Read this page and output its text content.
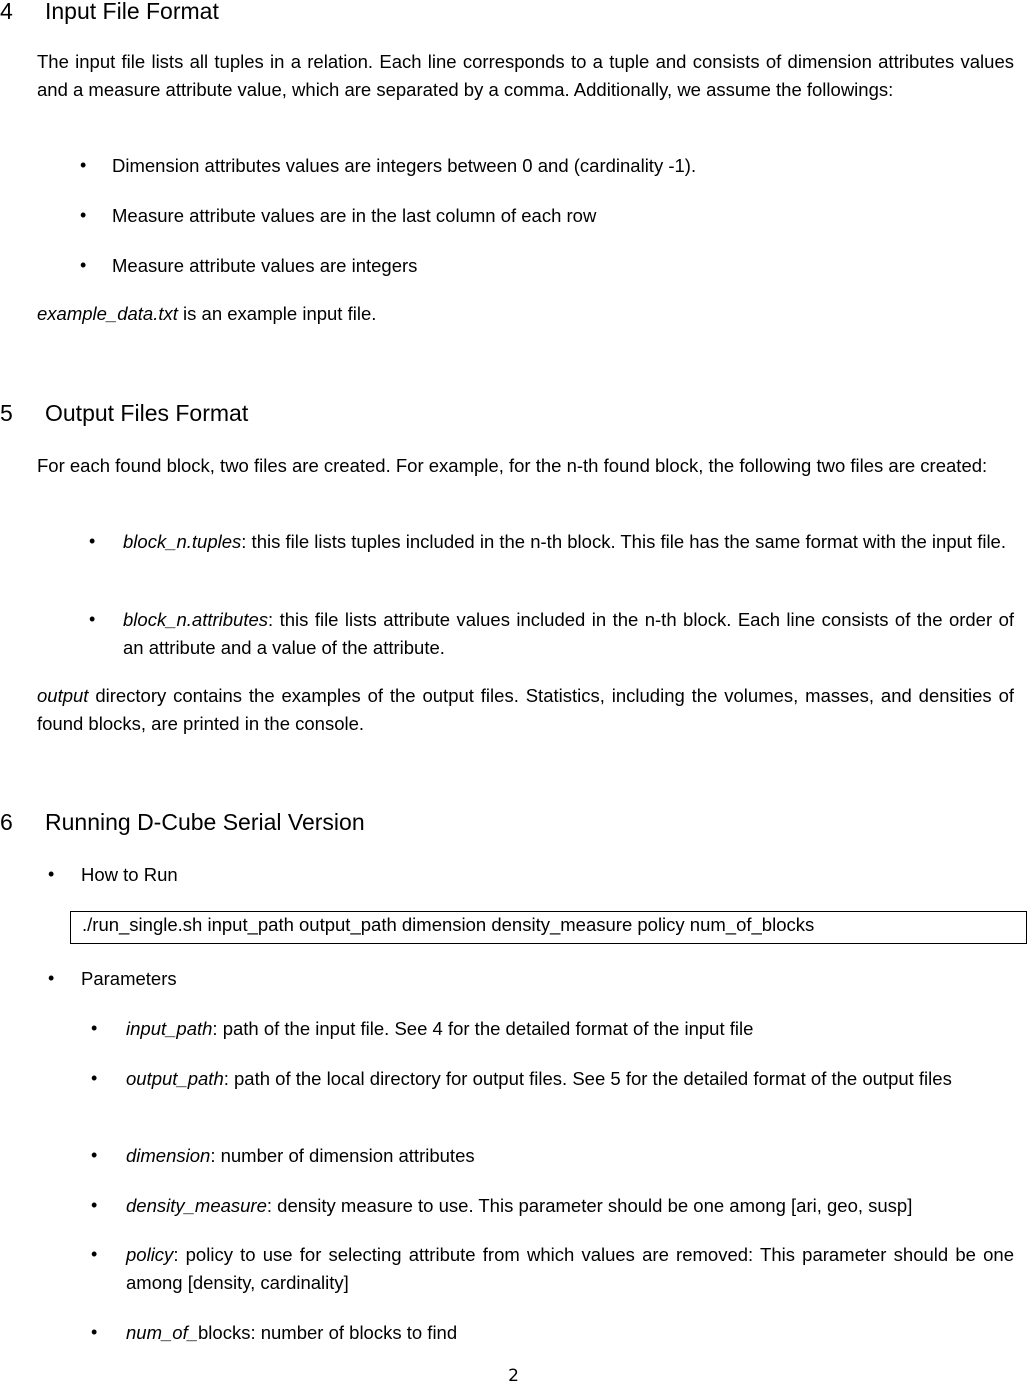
4 Input File Format
The input file lists all tuples in a relation. Each line corresponds to a tuple and consists of dimension attributes values and a measure attribute value, which are separated by a comma. Additionally, we assume the followings:
• Dimension attributes values are integers between 0 and (cardinality -1).
• Measure attribute values are in the last column of each row
• Measure attribute values are integers
example_data.txt is an example input file.
5 Output Files Format
For each found block, two files are created. For example, for the n-th found block, the following two files are created:
• block_n.tuples: this file lists tuples included in the n-th block. This file has the same format with the input file.
• block_n.attributes: this file lists attribute values included in the n-th block. Each line consists of the order of an attribute and a value of the attribute.
output directory contains the examples of the output files. Statistics, including the volumes, masses, and densities of found blocks, are printed in the console.
6 Running D-Cube Serial Version
• How to Run
./run_single.sh input_path output_path dimension density_measure policy num_of_blocks
• Parameters
• input_path: path of the input file. See 4 for the detailed format of the input file
• output_path: path of the local directory for output files. See 5 for the detailed format of the output files
• dimension: number of dimension attributes
• density_measure: density measure to use. This parameter should be one among [ari, geo, susp]
• policy: policy to use for selecting attribute from which values are removed: This parameter should be one among [density, cardinality]
• num_of_blocks: number of blocks to find
2
